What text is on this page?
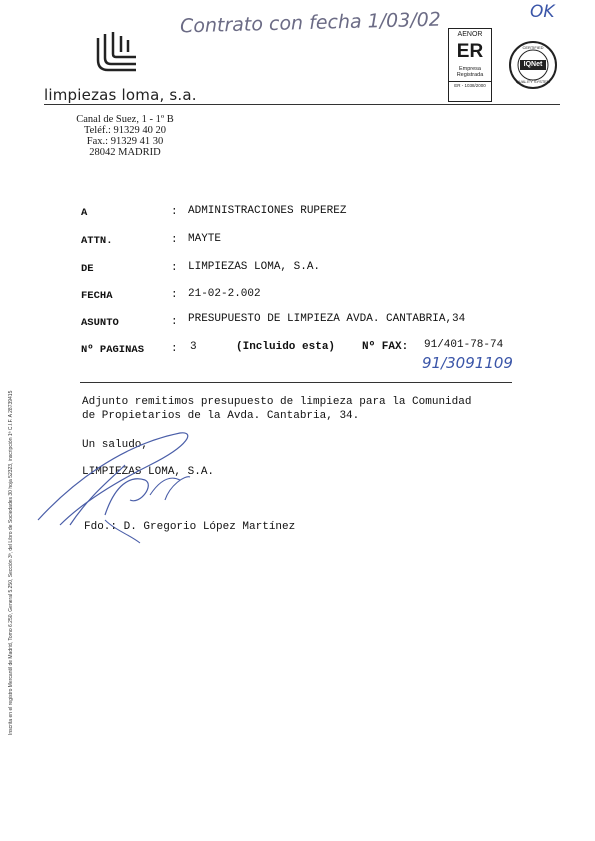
Contrato con fecha 1/03/02	OK
limpiezas loma, s.a.
AENOR
ER
Empresa
Registrada
ER - 1038/2000
IQNet
CERTIFIED
QUALITY SYSTEM
Canal de Suez, 1 - 1º B
Teléf.: 91329 40 20
Fax.: 91329 41 30
28042 MADRID
A	: ADMINISTRACIONES RUPEREZ
ATTN.	: MAYTE
DE	: LIMPIEZAS LOMA, S.A.
FECHA	: 21-02-2.002
ASUNTO	: PRESUPUESTO DE LIMPIEZA AVDA. CANTABRIA,34
Nº PAGINAS : 3	(Incluido esta) Nº FAX: 91/401-78-74
91/3091109
Adjunto remitimos presupuesto de limpieza para la Comunidad
de Propietarios de la Avda. Cantabria, 34.
Un saludo,
LIMPIEZAS LOMA, S.A.
Fdo.: D. Gregorio López Martínez
Inscrita en el registro Mercantil de Madrid, Tomo 6.250, General 5.250, Sección 3ª, del Libro de Sociedades 30 hoja 52323, inscripción 1ª C.I.F. A 28739415
